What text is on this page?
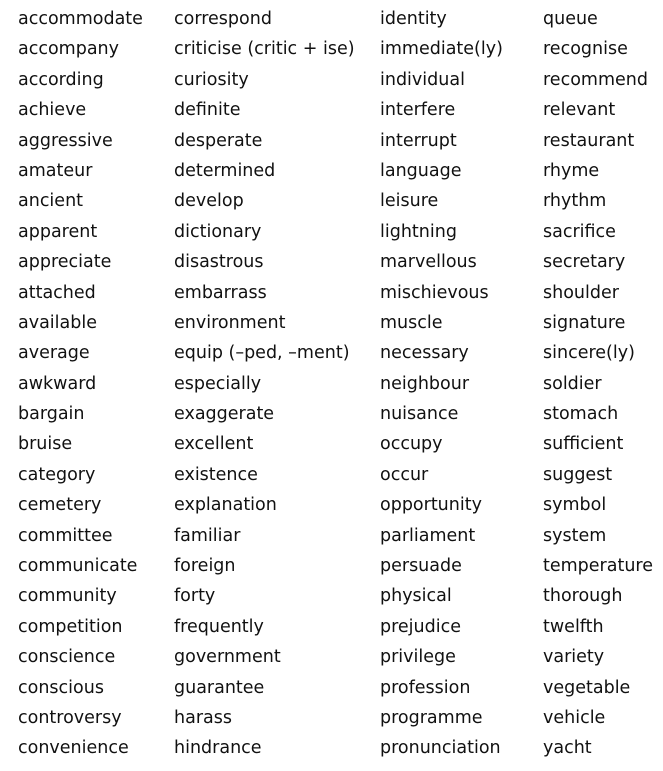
accommodate
accompany
according
achieve
aggressive
amateur
ancient
apparent
appreciate
attached
available
average
awkward
bargain
bruise
category
cemetery
committee
communicate
community
competition
conscience
conscious
controversy
convenience
correspond
criticise (critic + ise)
curiosity
definite
desperate
determined
develop
dictionary
disastrous
embarrass
environment
equip (–ped, –ment)
especially
exaggerate
excellent
existence
explanation
familiar
foreign
forty
frequently
government
guarantee
harass
hindrance
identity
immediate(ly)
individual
interfere
interrupt
language
leisure
lightning
marvellous
mischievous
muscle
necessary
neighbour
nuisance
occupy
occur
opportunity
parliament
persuade
physical
prejudice
privilege
profession
programme
pronunciation
queue
recognise
recommend
relevant
restaurant
rhyme
rhythm
sacrifice
secretary
shoulder
signature
sincere(ly)
soldier
stomach
sufficient
suggest
symbol
system
temperature
thorough
twelfth
variety
vegetable
vehicle
yacht
